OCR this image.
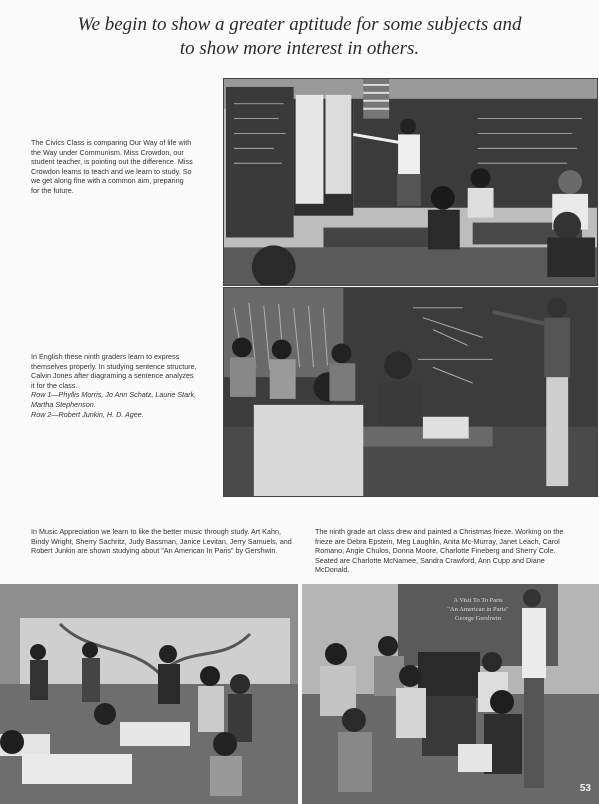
We begin to show a greater aptitude for some subjects and
to show more interest in others.
The Civics Class is comparing Our Way of life with the Way under Communism. Miss Crowdon, our student teacher, is pointing out the difference. Miss Crowdon learns to teach and we learn to study. So we get along fine with a common aim, preparing for the future.
In English these ninth graders learn to express themselves properly. In studying sentence structure, Calvin Jones after diagraming a sentence analyzes it for the class.
Row 1—Phyllis Morris, Jo Ann Schatz, Laurie Stark, Martha Stephenson.
Row 2—Robert Junkin, H. D. Agee.
In Music Appreciation we learn to like the better music through study. Art Kahn, Bindy Wright, Sherry Sachritz, Judy Bassman, Janice Levitan, Jerry Samuels, and Robert Junkin are shown studying about "An American In Paris" by Gershwin.
The ninth grade art class drew and painted a Christmas frieze. Working on the frieze are Debra Epstein, Meg Laughlin, Anita Mc-Murray, Janet Leach, Carol Romano, Angie Chulos, Donna Moore, Charlotte Fineberg and Sherry Cole. Seated are Charlotte McNamee, Sandra Crawford, Ann Cupp and Diane McDonald.
A Visit To To Paris
"An American in Paris"
George Gershwin
53
